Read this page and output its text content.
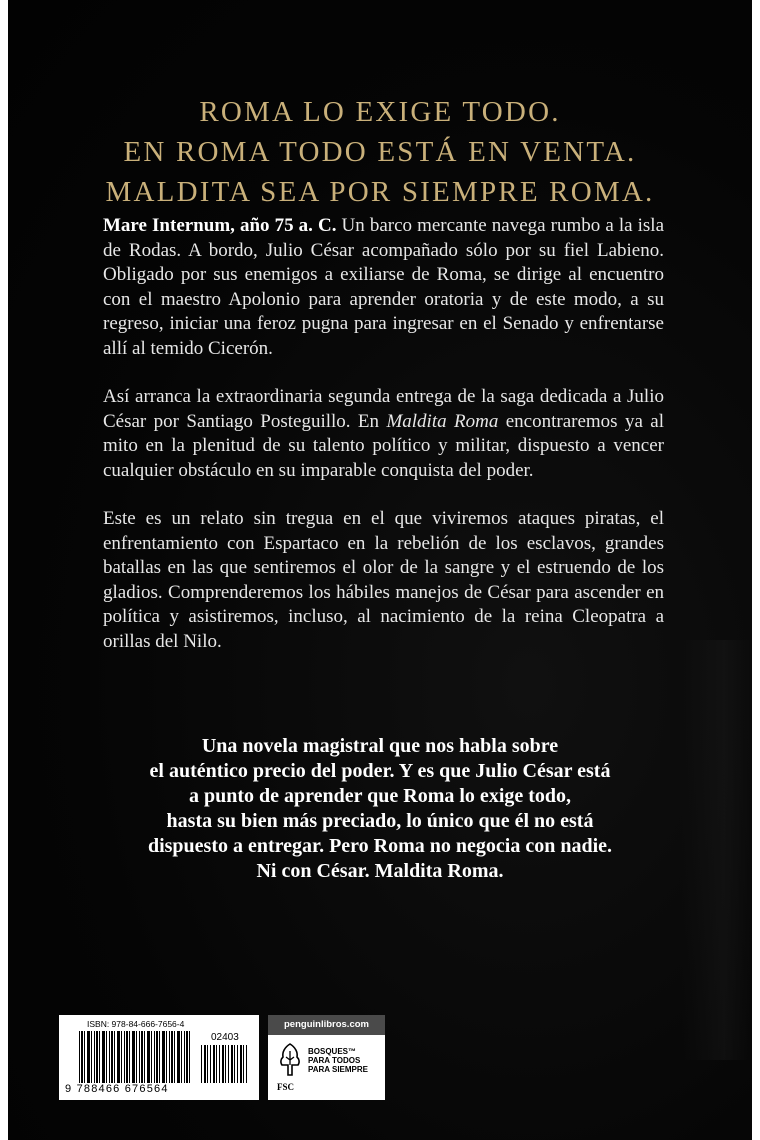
ROMA LO EXIGE TODO.
EN ROMA TODO ESTÁ EN VENTA.
MALDITA SEA POR SIEMPRE ROMA.

Mare Internum, año 75 a. C. Un barco mercante navega rumbo a la isla de Rodas. A bordo, Julio César acompañado sólo por su fiel Labieno. Obligado por sus enemigos a exiliarse de Roma, se dirige al encuentro con el maestro Apolonio para aprender oratoria y de este modo, a su regreso, iniciar una feroz pugna para ingresar en el Senado y enfrentarse allí al temido Cicerón.

Así arranca la extraordinaria segunda entrega de la saga dedicada a Julio César por Santiago Posteguillo. En Maldita Roma encontraremos ya al mito en la plenitud de su talento político y militar, dispuesto a vencer cualquier obstáculo en su imparable conquista del poder.

Este es un relato sin tregua en el que viviremos ataques piratas, el enfrentamiento con Espartaco en la rebelión de los esclavos, grandes batallas en las que sentiremos el olor de la sangre y el estruendo de los gladios. Comprenderemos los hábiles manejos de César para ascender en política y asistiremos, incluso, al nacimiento de la reina Cleopatra a orillas del Nilo.

Una novela magistral que nos habla sobre
el auténtico precio del poder. Y es que Julio César está
a punto de aprender que Roma lo exige todo,
hasta su bien más preciado, lo único que él no está
dispuesto a entregar. Pero Roma no negocia con nadie.
Ni con César. Maldita Roma.
ISBN: 978-84-666-7656-4
02403
9 788466 676564
penguinlibros.com
BOSQUES™
PARA TODOS
PARA SIEMPRE
FSC
